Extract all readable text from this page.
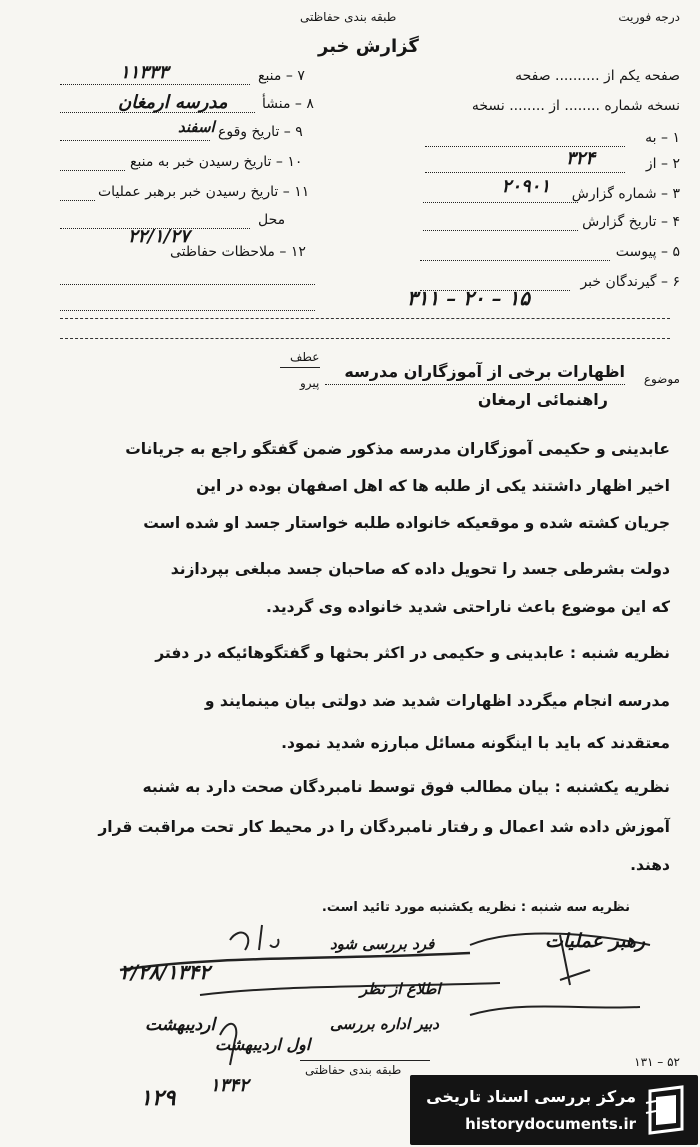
درجه فوریت
طبقه بندی حفاظتی
گزارش خبر
صفحه یکم از .......... صفحه
نسخه شماره ........ از ........ نسخه
۱ – به
۲ – از
۳۲۴
۳ – شماره گزارش
۲۰۹۰۱
۴ – تاریخ گزارش
۵ – پیوست
۶ – گیرندگان خبر
۱۵ – ۲۰ – ۳۱۱
۷ – منبع
۱۱۳۳۳
۸ – منشأ
مدرسه ارمغان
۹ – تاریخ وقوع
اسفند
۱۰ – تاریخ رسیدن خبر به منبع
۱۱ – تاریخ رسیدن خبر برهبر عملیات
محل
۲۲/۱/۲۷
۱۲ – ملاحظات حفاظتی
موضوع
عطف
پیرو
اظهارات برخی از آموزگاران مدرسه
راهنمائی ارمغان
عابدینی و حکیمی آموزگاران مدرسه مذکور ضمن گفتگو راجع به جریانات
اخیر اظهار داشتند یکی از طلبه ها که اهل اصفهان بوده در این
جریان کشته شده و موقعیکه خانواده طلبه خواستار جسد او شده است
دولت بشرطی جسد را تحویل داده که صاحبان جسد مبلغی بپردازند
که این موضوع باعث ناراحتی شدید خانواده وی گردید.
نظریه شنبه : عابدینی و حکیمی در اکثر بحثها و گفتگوهائیکه در دفتر
مدرسه انجام میگردد اظهارات شدید ضد دولتی بیان مینمایند و
معتقدند که باید با اینگونه مسائل مبارزه شدید نمود.
نظریه یکشنبه : بیان مطالب فوق توسط نامبردگان صحت دارد به شنبه
آموزش داده شد اعمال و رفتار نامبردگان را در محیط کار تحت مراقبت قرار
دهند.
نظریه سه شنبه : نظریه یکشنبه مورد تائید است.
رهبر عملیات
فرد بررسی شود
اطلاع از نظر
دبیر اداره بررسی
۲/۲۸/۱۳۴۲
اردیبهشت
اول اردیبهشت
۱۳۴۲
۱۲۹
طبقه بندی حفاظتی
۱۳۱ – ۵۲
مرکز بررسی اسناد تاریخی
historydocuments.ir
